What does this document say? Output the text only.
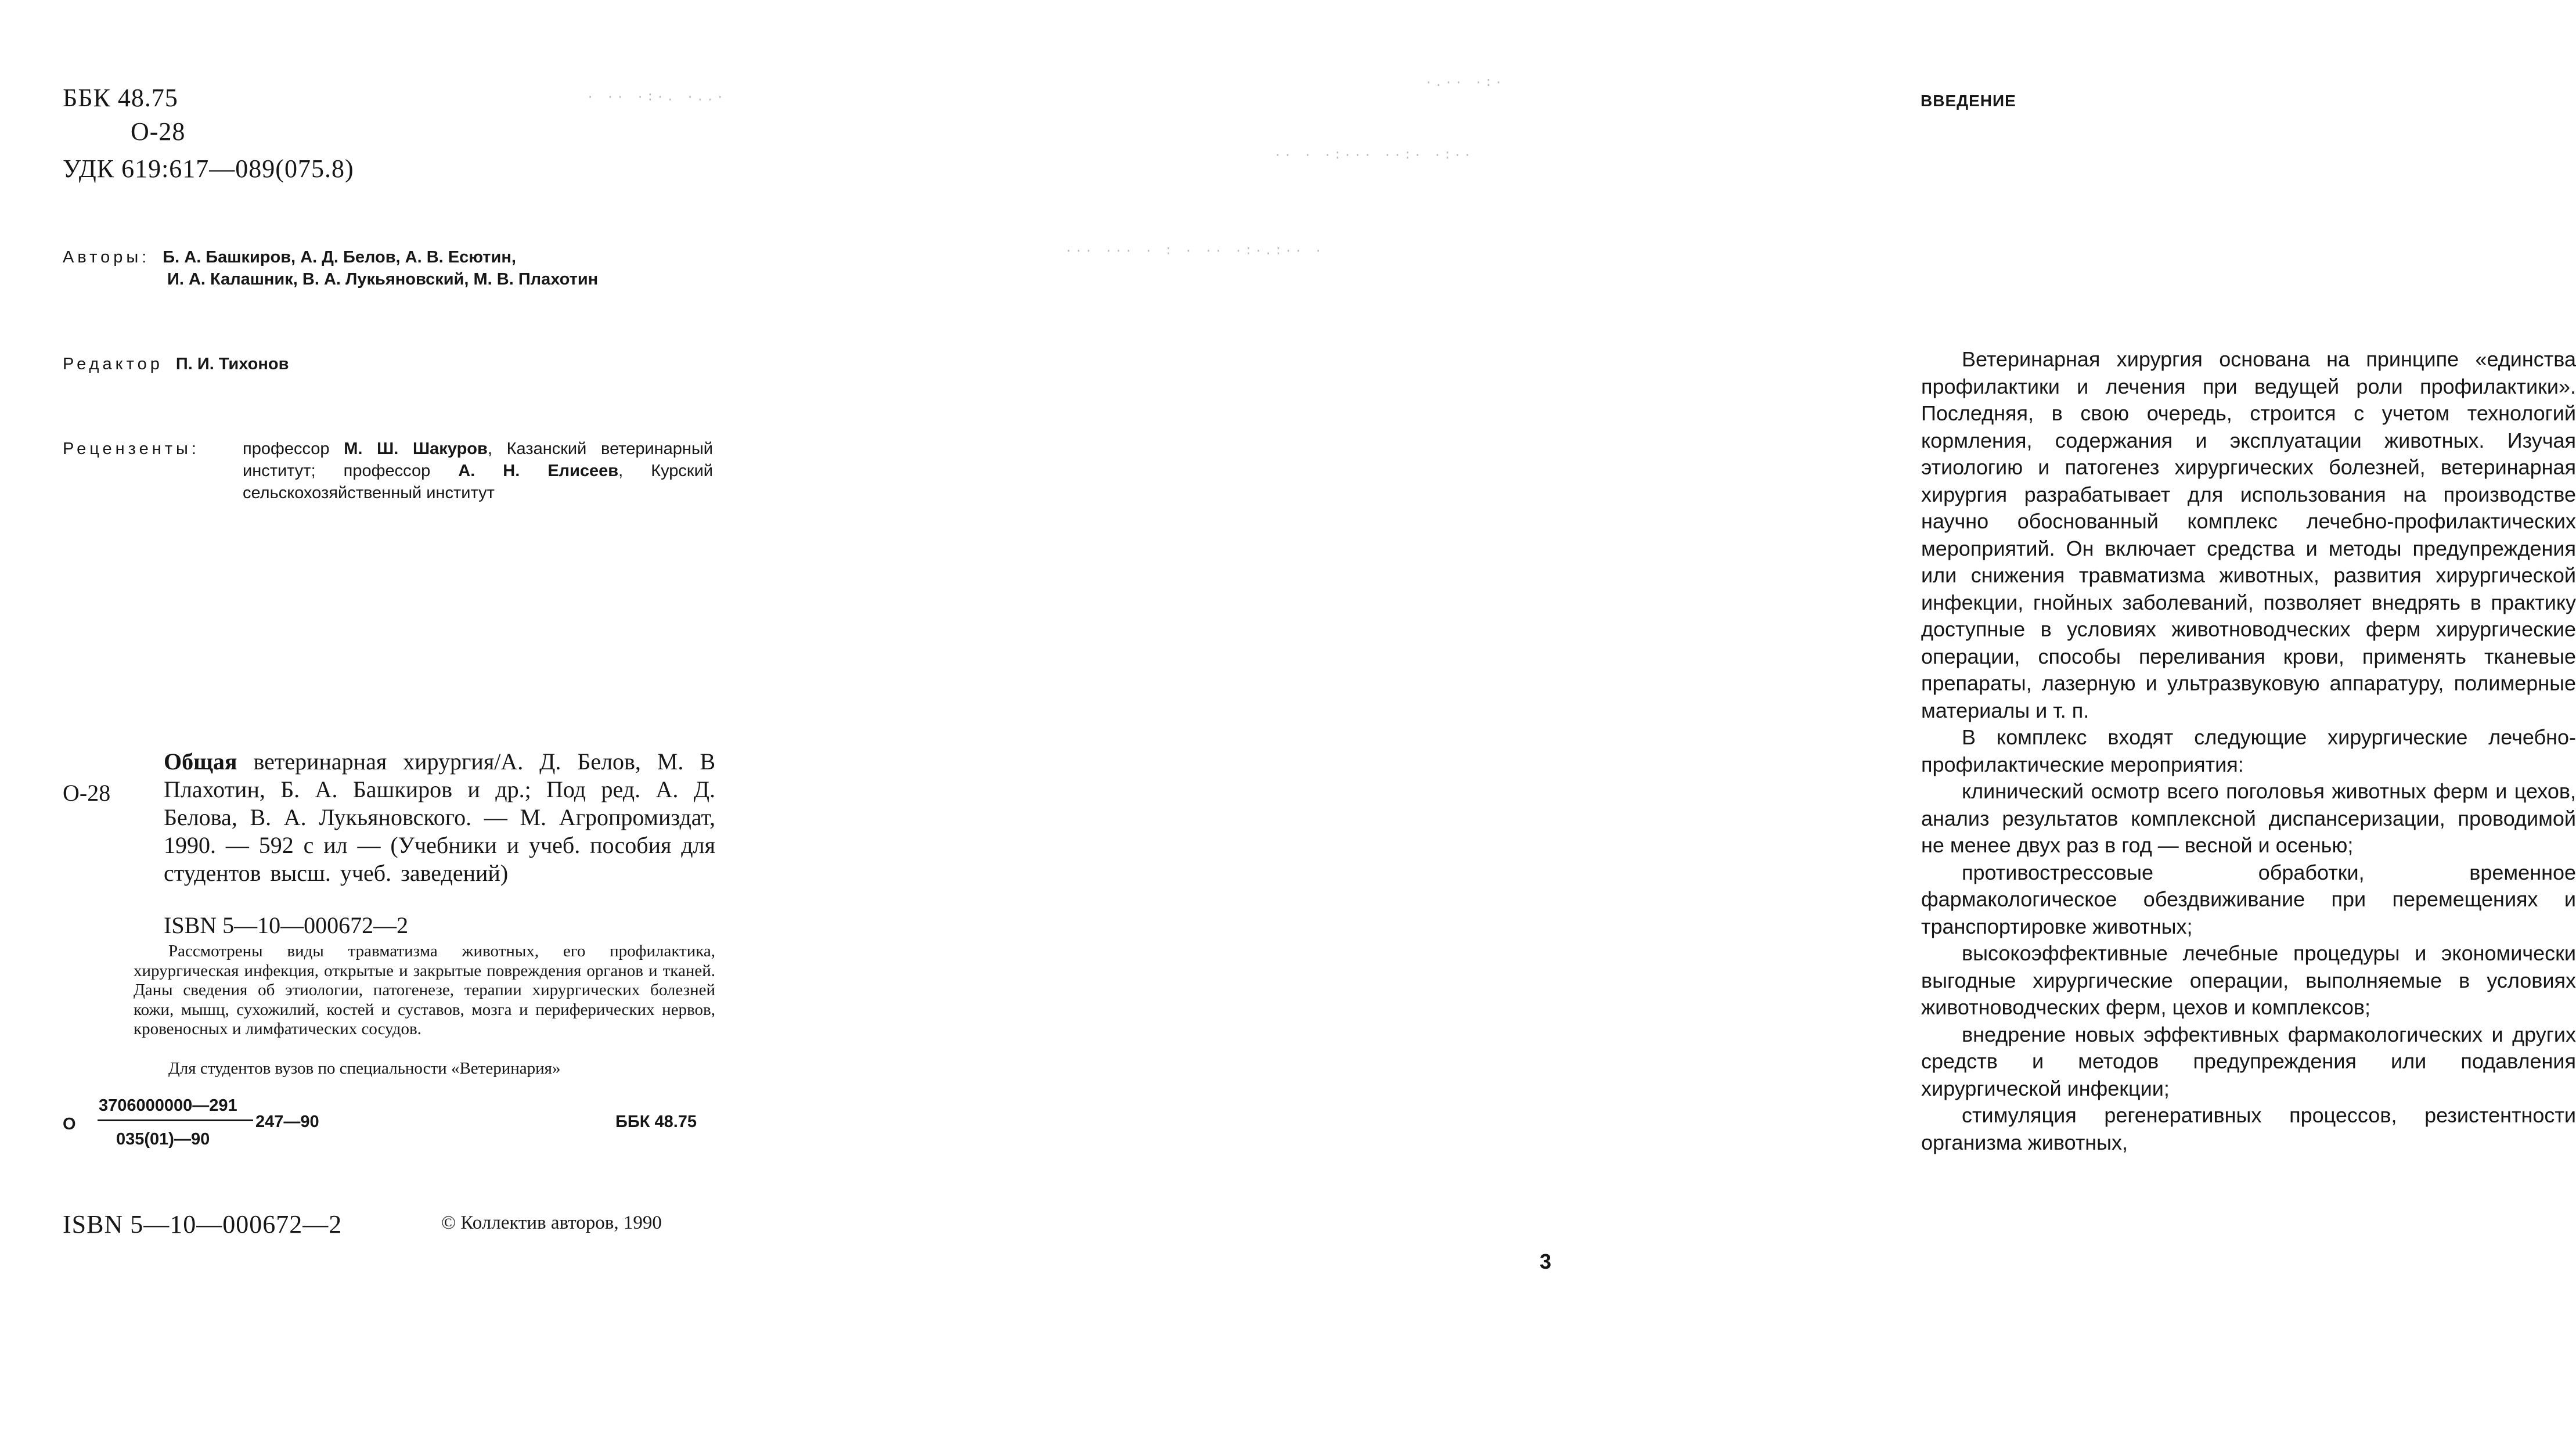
· ·· ·:·. ·..·
ББК 48.75
О-28
УДК 619:617—089(075.8)
Авторы: Б. А. Башкиров, А. Д. Белов, А. В. Есютин,
И. А. Калашник, В. А. Лукьяновский, М. В. Плахотин
Редактор П. И. Тихонов
Рецензенты:	профессор М. Ш. Шакуров, Казанский ветеринарный институт; профессор А. Н. Елисеев, Курский сельскохозяйственный институт
О-28
Общая ветеринарная хирургия/А. Д. Белов, М. В Плахотин, Б. А. Башкиров и др.; Под ред. А. Д. Белова, В. А. Лукьяновского. — М. Агропромиздат, 1990. — 592 с ил — (Учебники и учеб. пособия для студентов высш. учеб. заведений)
ISBN 5—10—000672—2
Рассмотрены виды травматизма животных, его профилактика, хирургическая инфекция, открытые и закрытые повреждения органов и тканей. Даны сведения об этиологии, патогенезе, терапии хирургических болезней кожи, мышц, сухожилий, костей и суставов, мозга и периферических нервов, кровеносных и лимфатических сосудов.
Для студентов вузов по специальности «Ветеринария»
О
3706000000—291
247—90
035(01)—90
ББК 48.75
ISBN 5—10—000672—2	© Коллектив авторов, 1990
·.·· ·:·
·· · ·:··· ··:· ·:··
··· ··· · : · ·· ·:·.:·· ·
ВВЕДЕНИЕ

Ветеринарная хирургия основана на принципе «единства профилактики и лечения при ведущей роли профилактики». Последняя, в свою очередь, строится с учетом технологий кормления, содержания и эксплуатации животных. Изучая этиологию и патогенез хирургических болезней, ветеринарная хирургия разрабатывает для использования на производстве научно обоснованный комплекс лечебно-профилактических мероприятий. Он включает средства и методы предупреждения или снижения травматизма животных, развития хирургической инфекции, гнойных заболеваний, позволяет внедрять в практику доступные в условиях животноводческих ферм хирургические операции, способы переливания крови, применять тканевые препараты, лазерную и ультразвуковую аппаратуру, полимерные материалы и т. п.

В комплекс входят следующие хирургические лечебно-профилактические мероприятия:

клинический осмотр всего поголовья животных ферм и цехов, анализ результатов комплексной диспансеризации, проводимой не менее двух раз в год — весной и осенью;

противострессовые обработки, временное фармакологическое обездвиживание при перемещениях и транспортировке животных;

высокоэффективные лечебные процедуры и экономически выгодные хирургические операции, выполняемые в условиях животноводческих ферм, цехов и комплексов;

внедрение новых эффективных фармакологических и других средств и методов предупреждения или подавления хирургической инфекции;

стимуляция регенеративных процессов, резистентности организма животных,

3
